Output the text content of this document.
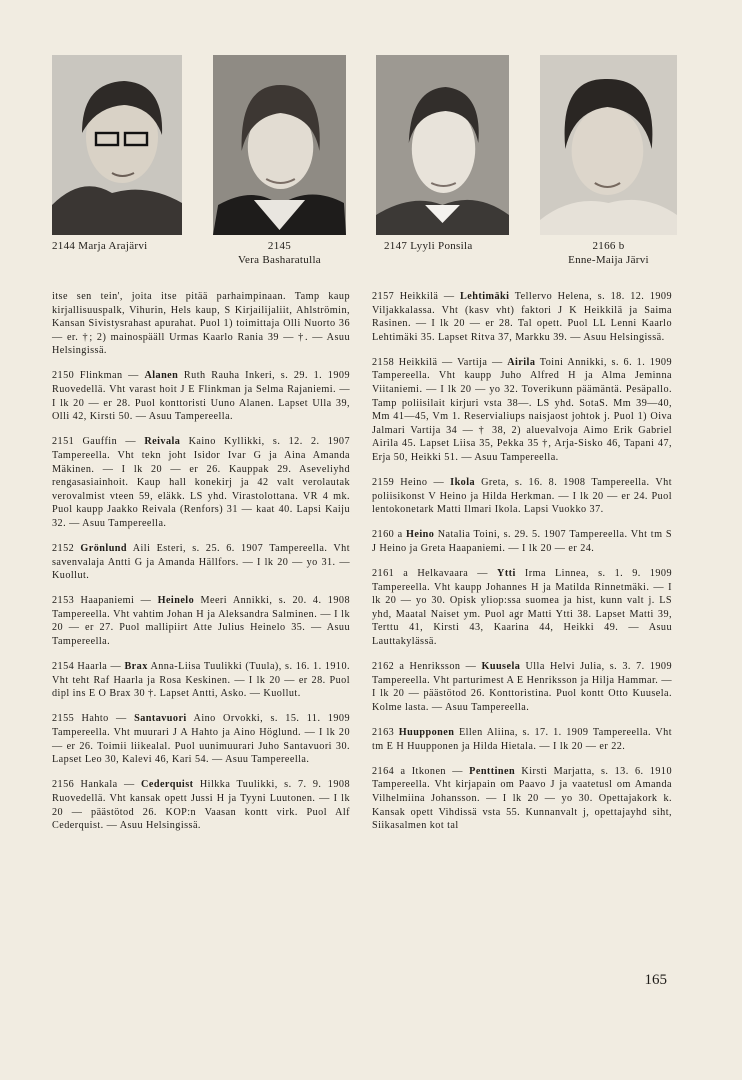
2144 Marja Arajärvi	2145
Vera Basharatulla
2147 Lyyli Ponsila	2166 b
Enne-Maija Järvi

itse sen tein', joita itse pitää parhaimpinaan. Tamp kaup kirjallisuuspalk, Vihurin, Hels kaup, S Kirjailijaliit, Ahlströmin, Kansan Sivistysrahast apurahat. Puol 1) toimittaja Olli Nuorto 36 — er. †; 2) mainospääll Urmas Kaarlo Rania 39 — †. — Asuu Helsingissä.

2150 Flinkman — Alanen Ruth Rauha Inkeri, s. 29. 1. 1909 Ruovedellä. Vht varast hoit J E Flinkman ja Selma Rajaniemi. — I lk 20 — er 28. Puol konttoristi Uuno Alanen. Lapset Ulla 39, Olli 42, Kirsti 50. — Asuu Tampereella.

2151 Gauffin — Reivala Kaino Kyllikki, s. 12. 2. 1907 Tampereella. Vht tekn joht Isidor Ivar G ja Aina Amanda Mäkinen. — I lk 20 — er 26. Kauppak 29. Aseveliyhd rengasasiainhoit. Kaup hall konekirj ja 42 valt verolautak verovalmist vteen 59, eläkk. LS yhd. Virastolottana. VR 4 mk. Puol kaupp Jaakko Reivala (Renfors) 31 — kaat 40. Lapsi Kaiju 32. — Asuu Tampereella.

2152 Grönlund Aili Esteri, s. 25. 6. 1907 Tampereella. Vht savenvalaja Antti G ja Amanda Hällfors. — I lk 20 — yo 31. — Kuollut.

2153 Haapaniemi — Heinelo Meeri Annikki, s. 20. 4. 1908 Tampereella. Vht vahtim Johan H ja Aleksandra Salminen. — I lk 20 — er 27. Puol mallipiirt Atte Julius Heinelo 35. — Asuu Tampereella.

2154 Haarla — Brax Anna-Liisa Tuulikki (Tuula), s. 16. 1. 1910. Vht teht Raf Haarla ja Rosa Keskinen. — I lk 20 — er 28. Puol dipl ins E O Brax 30 †. Lapset Antti, Asko. — Kuollut.

2155 Hahto — Santavuori Aino Orvokki, s. 15. 11. 1909 Tampereella. Vht muurari J A Hahto ja Aino Höglund. — I lk 20 — er 26. Toimii liikealal. Puol uunimuurari Juho Santavuori 30. Lapset Leo 30, Kalevi 46, Kari 54. — Asuu Tampereella.

2156 Hankala — Cederquist Hilkka Tuulikki, s. 7. 9. 1908 Ruovedellä. Vht kansak opett Jussi H ja Tyyni Luutonen. — I lk 20 — päästötod 26. KOP:n Vaasan kontt virk. Puol Alf Cederquist. — Asuu Helsingissä.

2157 Heikkilä — Lehtimäki Tellervo Helena, s. 18. 12. 1909 Viljakkalassa. Vht (kasv vht) faktori J K Heikkilä ja Saima Rasinen. — I lk 20 — er 28. Tal opett. Puol LL Lenni Kaarlo Lehtimäki 35. Lapset Ritva 37, Markku 39. — Asuu Helsingissä.

2158 Heikkilä — Vartija — Airila Toini Annikki, s. 6. 1. 1909 Tampereella. Vht kaupp Juho Alfred H ja Alma Jeminna Viitaniemi. — I lk 20 — yo 32. Toverikunn päämäntä. Pesäpallo. Tamp poliisilait kirjuri vsta 38—. LS yhd. SotaS. Mm 39—40, Mm 41—45, Vm 1. Reservialiups naisjaost johtok j. Puol 1) Oiva Jalmari Vartija 34 — † 38, 2) aluevalvoja Aimo Erik Gabriel Airila 45. Lapset Liisa 35, Pekka 35 †, Arja-Sisko 46, Tapani 47, Erja 50, Heikki 51. — Asuu Tampereella.

2159 Heino — Ikola Greta, s. 16. 8. 1908 Tampereella. Vht poliisikonst V Heino ja Hilda Herkman. — I lk 20 — er 24. Puol lentokonetark Matti Ilmari Ikola. Lapsi Vuokko 37.

2160 a Heino Natalia Toini, s. 29. 5. 1907 Tampereella. Vht tm S J Heino ja Greta Haapaniemi. — I lk 20 — er 24.

2161 a Helkavaara — Ytti Irma Linnea, s. 1. 9. 1909 Tampereella. Vht kaupp Johannes H ja Matilda Rinnetmäki. — I lk 20 — yo 30. Opisk yliop:ssa suomea ja hist, kunn valt j. LS yhd, Maatal Naiset ym. Puol agr Matti Ytti 38. Lapset Matti 39, Terttu 41, Kirsti 43, Kaarina 44, Heikki 49. — Asuu Lauttakylässä.

2162 a Henriksson — Kuusela Ulla Helvi Julia, s. 3. 7. 1909 Tampereella. Vht parturimest A E Henriksson ja Hilja Hammar. — I lk 20 — päästötod 26. Konttoristina. Puol kontt Otto Kuusela. Kolme lasta. — Asuu Tampereella.

2163 Huupponen Ellen Aliina, s. 17. 1. 1909 Tampereella. Vht tm E H Huupponen ja Hilda Hietala. — I lk 20 — er 22.

2164 a Itkonen — Penttinen Kirsti Marjatta, s. 13. 6. 1910 Tampereella. Vht kirjapain om Paavo J ja vaatetusl om Amanda Vilhelmiina Johansson. — I lk 20 — yo 30. Opettajakork k. Kansak opett Vihdissä vsta 55. Kunnanvalt j, opettajayhd siht, Siikasalmen kot tal

165
